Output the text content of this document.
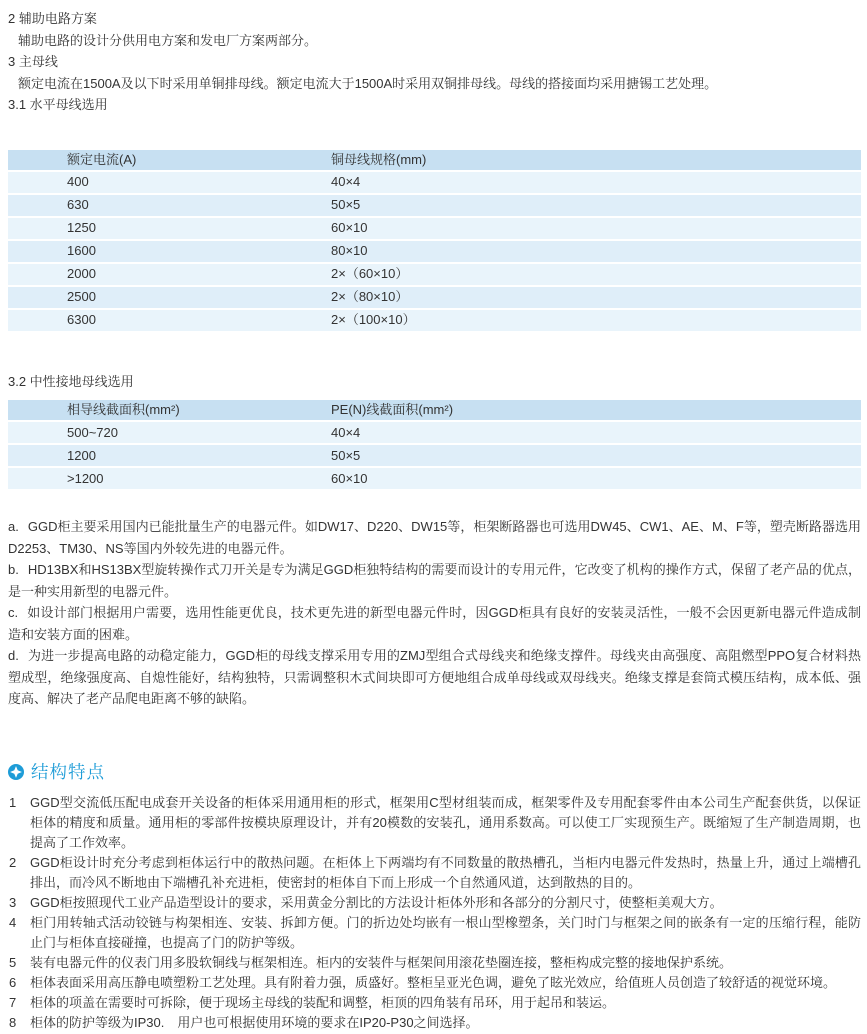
2 辅助电路方案

辅助电路的设计分供用电方案和发电厂方案两部分。

3 主母线

额定电流在1500A及以下时采用单铜排母线。额定电流大于1500A时采用双铜排母线。母线的搭接面均采用搪锡工艺处理。

3.1 水平母线选用

额定电流(A)	铜母线规格(mm)
400	40×4
630	50×5
1250	60×10
1600	80×10
2000	2×（60×10）
2500	2×（80×10）
6300	2×（100×10）

3.2 中性接地母线选用

相导线截面积(mm²)	PE(N)线截面积(mm²)
500~720	40×4
1200	50×5
>1200	60×10

a. GGD柜主要采用国内已能批量生产的电器元件。如DW17、D220、DW15等，柜架断路器也可选用DW45、CW1、AE、M、F等，塑壳断路器选用D2253、TM30、NS等国内外较先进的电器元件。

b. HD13BX和HS13BX型旋转操作式刀开关是专为满足GGD柜独特结构的需要而设计的专用元件，它改变了机构的操作方式，保留了老产品的优点，是一种实用新型的电器元件。

c. 如设计部门根据用户需要，选用性能更优良，技术更先进的新型电器元件时，因GGD柜具有良好的安装灵活性，一般不会因更新电器元件造成制造和安装方面的困难。

d. 为进一步提高电路的动稳定能力，GGD柜的母线支撑采用专用的ZMJ型组合式母线夹和绝缘支撑件。母线夹由高强度、高阻燃型PPO复合材料热塑成型，绝缘强度高、自熄性能好，结构独特，只需调整积木式间块即可方便地组合成单母线或双母线夹。绝缘支撑是套筒式模压结构，成本低、强度高、解决了老产品爬电距离不够的缺陷。

结构特点

1 GGD型交流低压配电成套开关设备的柜体采用通用柜的形式，框架用C型材组装而成，框架零件及专用配套零件由本公司生产配套供货，以保证柜体的精度和质量。通用柜的零部件按模块原理设计，并有20模数的安装孔，通用系数高。可以使工厂实现预生产。既缩短了生产制造周期，也提高了工作效率。

2 GGD柜设计时充分考虑到柜体运行中的散热问题。在柜体上下两端均有不同数量的散热槽孔，当柜内电器元件发热时，热量上升，通过上端槽孔排出，而冷风不断地由下端槽孔补充进柜，使密封的柜体自下而上形成一个自然通风道，达到散热的目的。

3 GGD柜按照现代工业产品造型设计的要求，采用黄金分割比的方法设计柜体外形和各部分的分割尺寸，使整柜美观大方。

4 柜门用转轴式活动铰链与构架相连、安装、拆卸方便。门的折边处均嵌有一根山型橡塑条，关门时门与框架之间的嵌条有一定的压缩行程，能防止门与柜体直接碰撞，也提高了门的防护等级。

5 装有电器元件的仪表门用多股软铜线与框架相连。柜内的安装件与框架间用滚花垫圈连接，整柜构成完整的接地保护系统。

6 柜体表面采用高压静电喷塑粉工艺处理。具有附着力强，质盛好。整柜呈亚光色调，避免了眩光效应，给值班人员创造了较舒适的视觉环境。

7 柜体的项盖在需要时可拆除，便于现场主母线的装配和调整，柜顶的四角装有吊环，用于起吊和装运。

8 柜体的防护等级为IP30.　用户也可根据使用环境的要求在IP20-P30之间选择。
